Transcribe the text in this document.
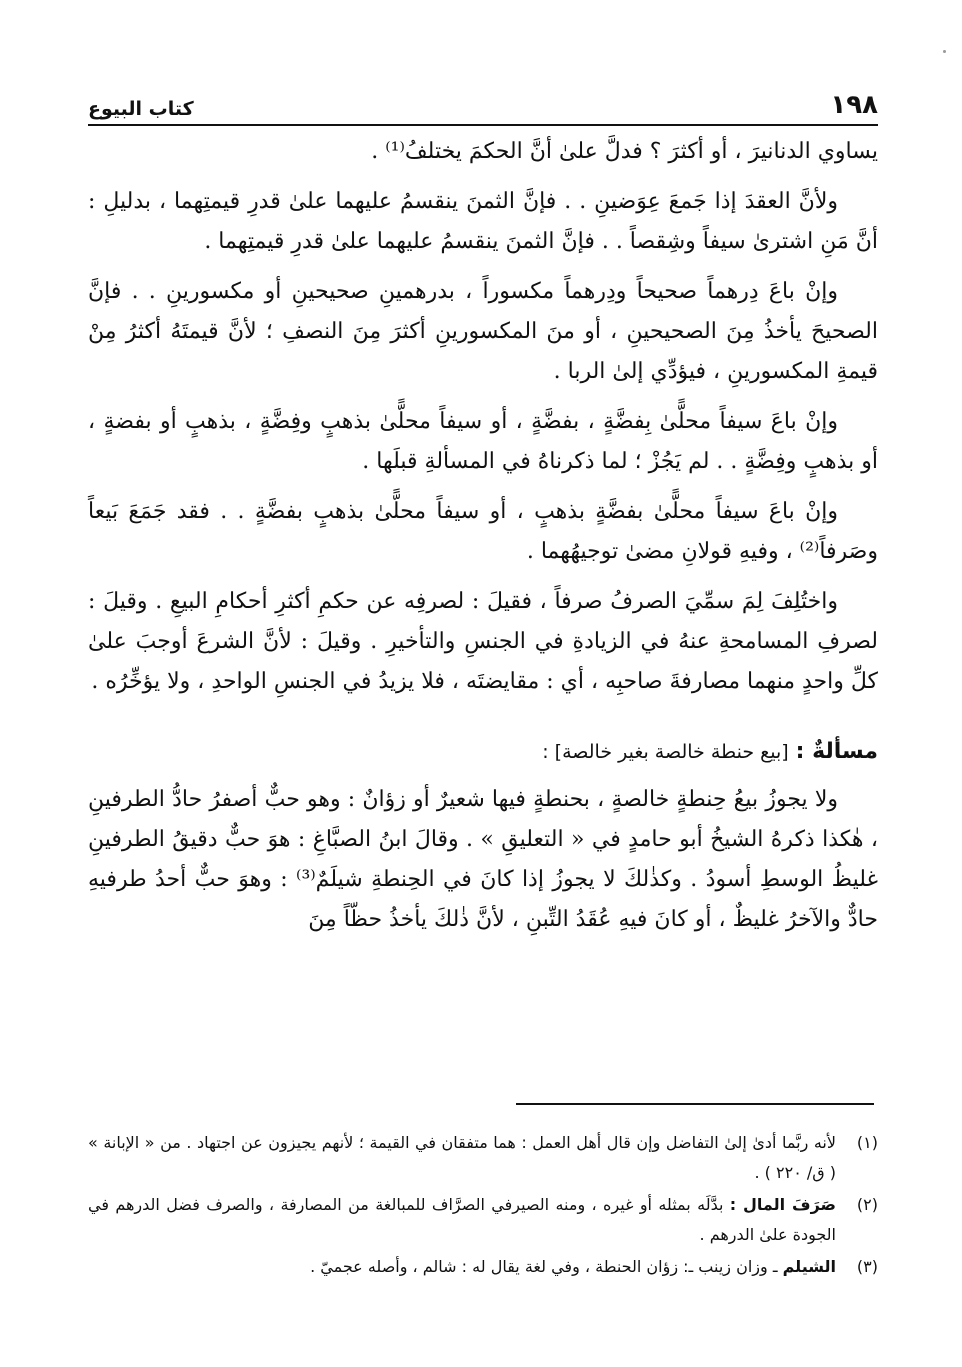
١٩٨
كتاب البيوع

يساوي الدنانيرَ ، أو أكثرَ ؟ فدلَّ علىٰ أنَّ الحكمَ يختلفُ⁽¹⁾ .

ولأنَّ العقدَ إذا جَمعَ عِوَضينِ . . فإنَّ الثمنَ ينقسمُ عليهما علىٰ قدرِ قيمتِهما ، بدليلِ : أنَّ مَنِ اشترىٰ سيفاً وشِقصاً . . فإنَّ الثمنَ ينقسمُ عليهما علىٰ قدرِ قيمتِهما .

وإنْ باعَ دِرهماً صحيحاً ودِرهماً مكسوراً ، بدرهمينِ صحيحينِ أو مكسورينِ . . فإنَّ الصحيحَ يأخذُ مِنَ الصحيحينِ ، أو منَ المكسورينِ أكثرَ مِنَ النصفِ ؛ لأنَّ قيمتَهُ أكثرُ مِنْ قيمةِ المكسورينِ ، فيؤدِّي إلىٰ الربا .

وإنْ باعَ سيفاً محلًّىٰ بِفضَّةٍ ، بفضَّةٍ ، أو سيفاً محلًّىٰ بذهبٍ وفِضَّةٍ ، بذهبٍ أو بفضةٍ ، أو بذهبٍ وفِضَّةٍ . . لم يَجُزْ ؛ لما ذكرناهُ في المسألةِ قبلَها .

وإنْ باعَ سيفاً محلًّىٰ بفضَّةٍ بذهبٍ ، أو سيفاً محلًّىٰ بذهبٍ بفضَّةٍ . . فقد جَمَعَ بَيعاً وصَرفاً⁽²⁾ ، وفيهِ قولانِ مضىٰ توجيهُهما .

واختُلِفَ لِمَ سمِّيَ الصرفُ صرفاً ، فقيلَ : لصرفِه عن حكمِ أكثرِ أحكامِ البيعِ . وقيلَ : لصرفِ المسامحةِ عنهُ في الزيادةِ في الجنسِ والتأخيرِ . وقيلَ : لأنَّ الشرعَ أوجبَ علىٰ كلِّ واحدٍ منهما مصارفةَ صاحبِه ، أي : مقايضتَه ، فلا يزيدُ في الجنسِ الواحدِ ، ولا يؤخِّرُه .

مسألةٌ : [بيع حنطة خالصة بغير خالصة] :

ولا يجوزُ بيعُ حِنطةٍ خالصةٍ ، بحنطةٍ فيها شعيرٌ أو زؤانٌ : وهو حبٌّ أصفرُ حادُّ الطرفينِ ، هٰكذا ذكرهُ الشيخُ أبو حامدٍ في « التعليقِ » . وقالَ ابنُ الصبَّاغِ : هوَ حبٌّ دقيقُ الطرفينِ غليظُ الوسطِ أسودُ . وكذٰلكَ لا يجوزُ إذا كانَ في الحِنطةِ شيلَمٌ⁽³⁾ : وهوَ حبٌّ أحدُ طرفيهِ حادٌّ والآخرُ غليظٌ ، أو كانَ فيهِ عُقَدُ التِّبنِ ، لأنَّ ذٰلكَ يأخذُ حظّاً مِنَ

(١)
لأنه ربَّما أدىٰ إلىٰ التفاضل وإن قال أهل العمل : هما متفقان في القيمة ؛ لأنهم يجيزون عن اجتهاد . من « الإبانة » ( ق/ ٢٢٠ ) .
(٢)
صَرَفَ المال : بدَّلَه بمثله أو غيره ، ومنه الصيرفي الصرَّاف للمبالغة من المصارفة ، والصرف فضل الدرهم في الجودة علىٰ الدرهم .
(٣)
الشيلم ـ وزان زينب ـ: زؤان الحنطة ، وفي لغة يقال له : شالم ، وأصله عجميّ .
